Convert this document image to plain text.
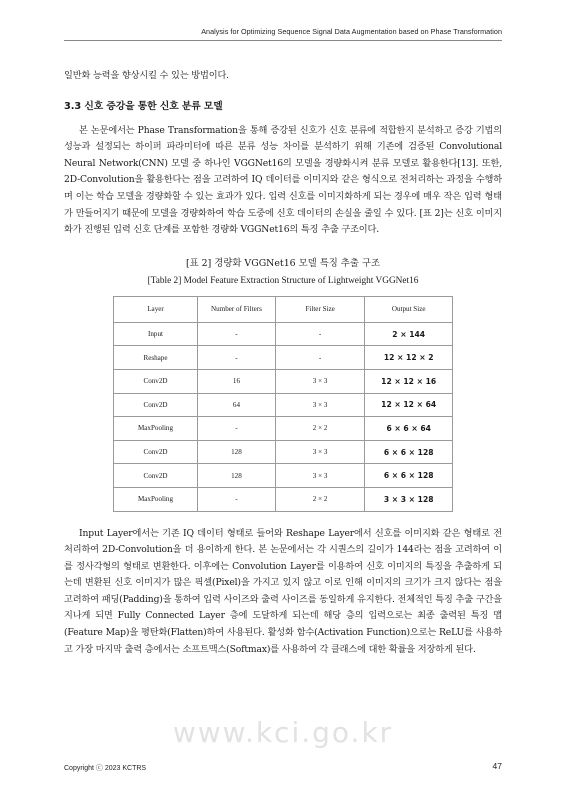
Analysis for Optimizing Sequence Signal Data Augmentation based on Phase Transformation

일반화 능력을 향상시킬 수 있는 방법이다.

3.3 신호 증강을 통한 신호 분류 모델

본 논문에서는 Phase Transformation을 통해 증강된 신호가 신호 분류에 적합한지 분석하고 증강 기법의 성능과 설정되는 하이퍼 파라미터에 따른 분류 성능 차이를 분석하기 위해 기존에 검증된 Convolutional Neural Network(CNN) 모델 중 하나인 VGGNet16의 모델을 경량화시켜 분류 모델로 활용한다[13]. 또한, 2D-Convolution을 활용한다는 점을 고려하여 IQ 데이터를 이미지와 같은 형식으로 전처리하는 과정을 수행하며 이는 학습 모델을 경량화할 수 있는 효과가 있다. 입력 신호를 이미지화하게 되는 경우에 매우 작은 입력 형태가 만들어지기 때문에 모델을 경량화하여 학습 도중에 신호 데이터의 손실을 줄일 수 있다. [표 2]는 신호 이미지화가 진행된 입력 신호 단계를 포함한 경량화 VGGNet16의 특징 추출 구조이다.

[표 2] 경량화 VGGNet16 모델 특징 추출 구조
[Table 2] Model Feature Extraction Structure of Lightweight VGGNet16
Layer	Number of Filters	Filter Size	Output Size
Input	-	-	2 × 144
Reshape	-	-	12 × 12 × 2
Conv2D	16	3 × 3	12 × 12 × 16
Conv2D	64	3 × 3	12 × 12 × 64
MaxPooling	-	2 × 2	6 × 6 × 64
Conv2D	128	3 × 3	6 × 6 × 128
Conv2D	128	3 × 3	6 × 6 × 128
MaxPooling	-	2 × 2	3 × 3 × 128

Input Layer에서는 기존 IQ 데이터 형태로 들어와 Reshape Layer에서 신호를 이미지화 같은 형태로 전처리하여 2D-Convolution을 더 용이하게 한다. 본 논문에서는 각 시퀀스의 길이가 144라는 점을 고려하여 이를 정사각형의 형태로 변환한다. 이후에는 Convolution Layer를 이용하여 신호 이미지의 특징을 추출하게 되는데 변환된 신호 이미지가 많은 픽셀(Pixel)을 가지고 있지 않고 이로 인해 이미지의 크기가 크지 않다는 점을 고려하여 패딩(Padding)을 통하여 입력 사이즈와 출력 사이즈를 동일하게 유지한다. 전체적인 특징 추출 구간을 지나게 되면 Fully Connected Layer 층에 도달하게 되는데 해당 층의 입력으로는 최종 출력된 특징 맵(Feature Map)을 평탄화(Flatten)하여 사용된다. 활성화 함수(Activation Function)으로는 ReLU를 사용하고 가장 마지막 출력 층에서는 소프트맥스(Softmax)를 사용하여 각 클래스에 대한 확률을 저장하게 된다.

www.kci.go.kr
Copyright ⓒ 2023 KCTRS	47
